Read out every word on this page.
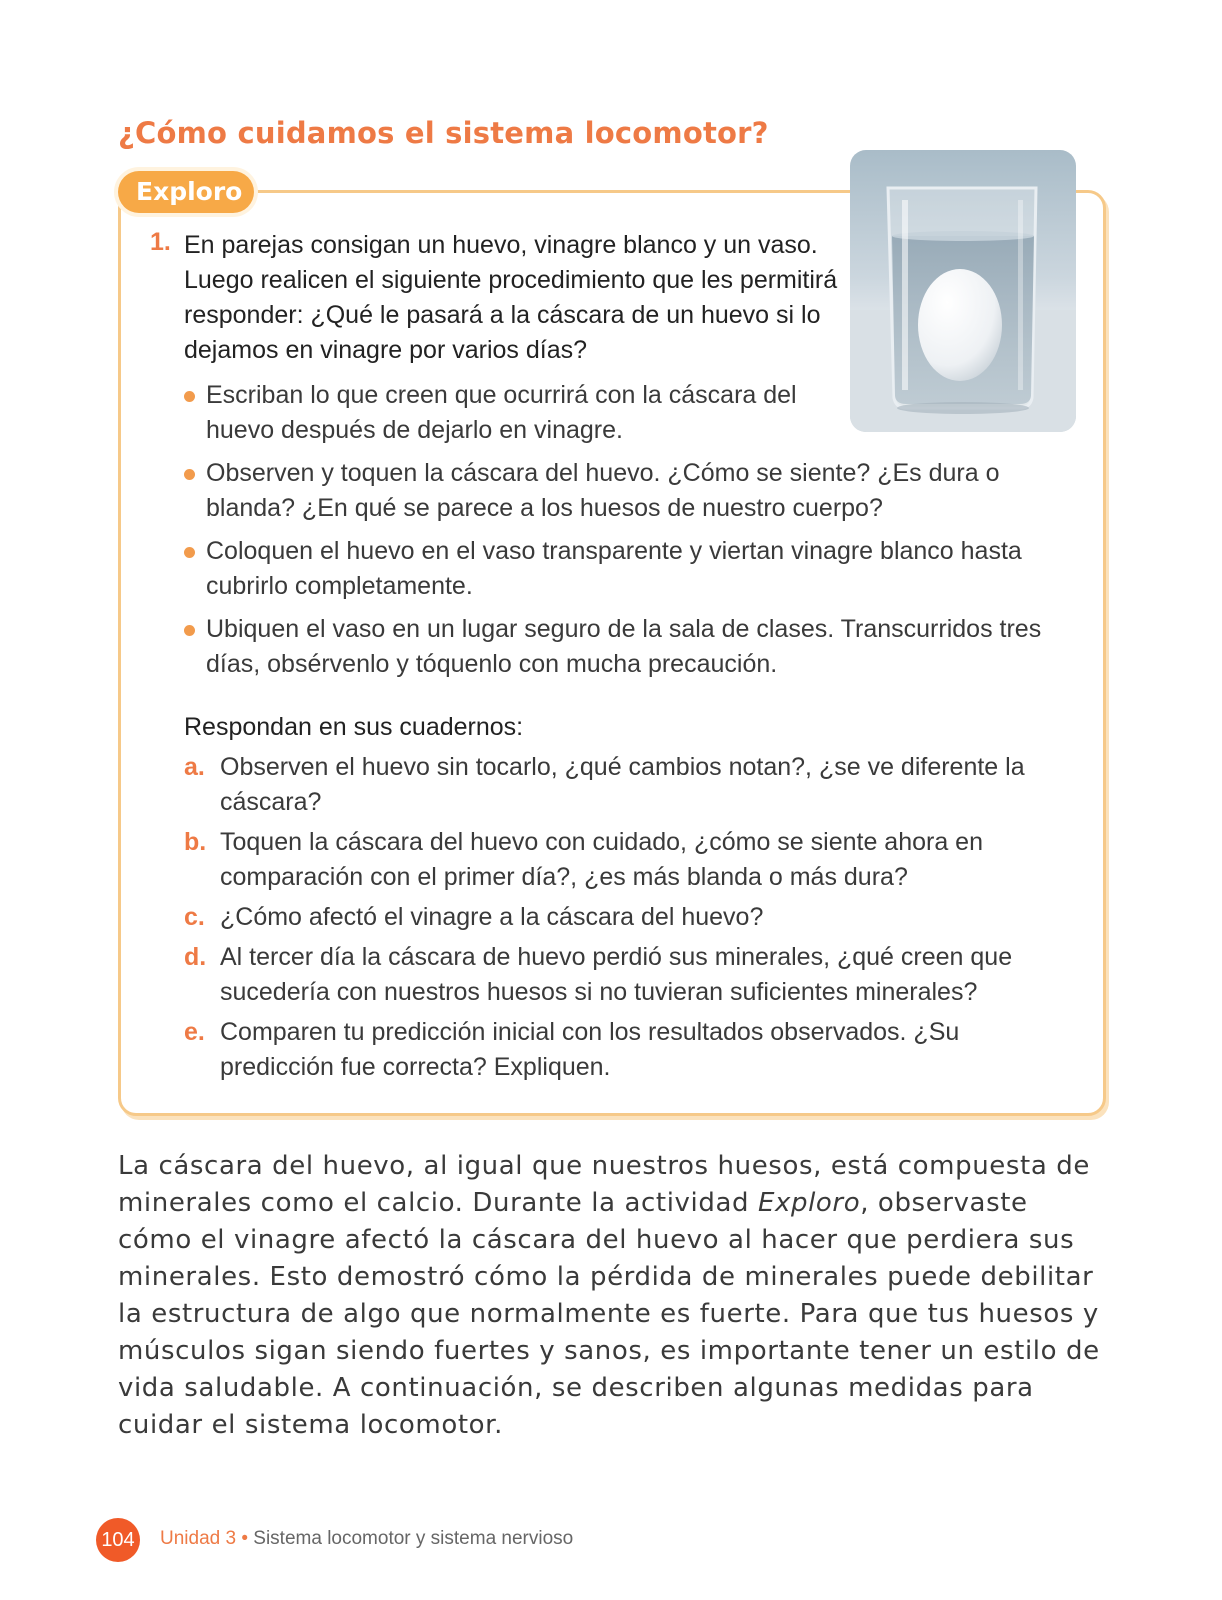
¿Cómo cuidamos el sistema locomotor?
Exploro
1. En parejas consigan un huevo, vinagre blanco y un vaso. Luego realicen el siguiente procedimiento que les permitirá responder: ¿Qué le pasará a la cáscara de un huevo si lo dejamos en vinagre por varios días?

Escriban lo que creen que ocurrirá con la cáscara del huevo después de dejarlo en vinagre.
Observen y toquen la cáscara del huevo. ¿Cómo se siente? ¿Es dura o blanda? ¿En qué se parece a los huesos de nuestro cuerpo?
Coloquen el huevo en el vaso transparente y viertan vinagre blanco hasta cubrirlo completamente.
Ubiquen el vaso en un lugar seguro de la sala de clases. Transcurridos tres días, obsérvenlo y tóquenlo con mucha precaución.

Respondan en sus cuadernos:

a. Observen el huevo sin tocarlo, ¿qué cambios notan?, ¿se ve diferente la cáscara?
b. Toquen la cáscara del huevo con cuidado, ¿cómo se siente ahora en comparación con el primer día?, ¿es más blanda o más dura?
c. ¿Cómo afectó el vinagre a la cáscara del huevo?
d. Al tercer día la cáscara de huevo perdió sus minerales, ¿qué creen que sucedería con nuestros huesos si no tuvieran suficientes minerales?
e. Comparen tu predicción inicial con los resultados observados. ¿Su predicción fue correcta? Expliquen.

La cáscara del huevo, al igual que nuestros huesos, está compuesta de minerales como el calcio. Durante la actividad Exploro, observaste cómo el vinagre afectó la cáscara del huevo al hacer que perdiera sus minerales. Esto demostró cómo la pérdida de minerales puede debilitar la estructura de algo que normalmente es fuerte. Para que tus huesos y músculos sigan siendo fuertes y sanos, es importante tener un estilo de vida saludable. A continuación, se describen algunas medidas para cuidar el sistema locomotor.

104 Unidad 3 • Sistema locomotor y sistema nervioso
